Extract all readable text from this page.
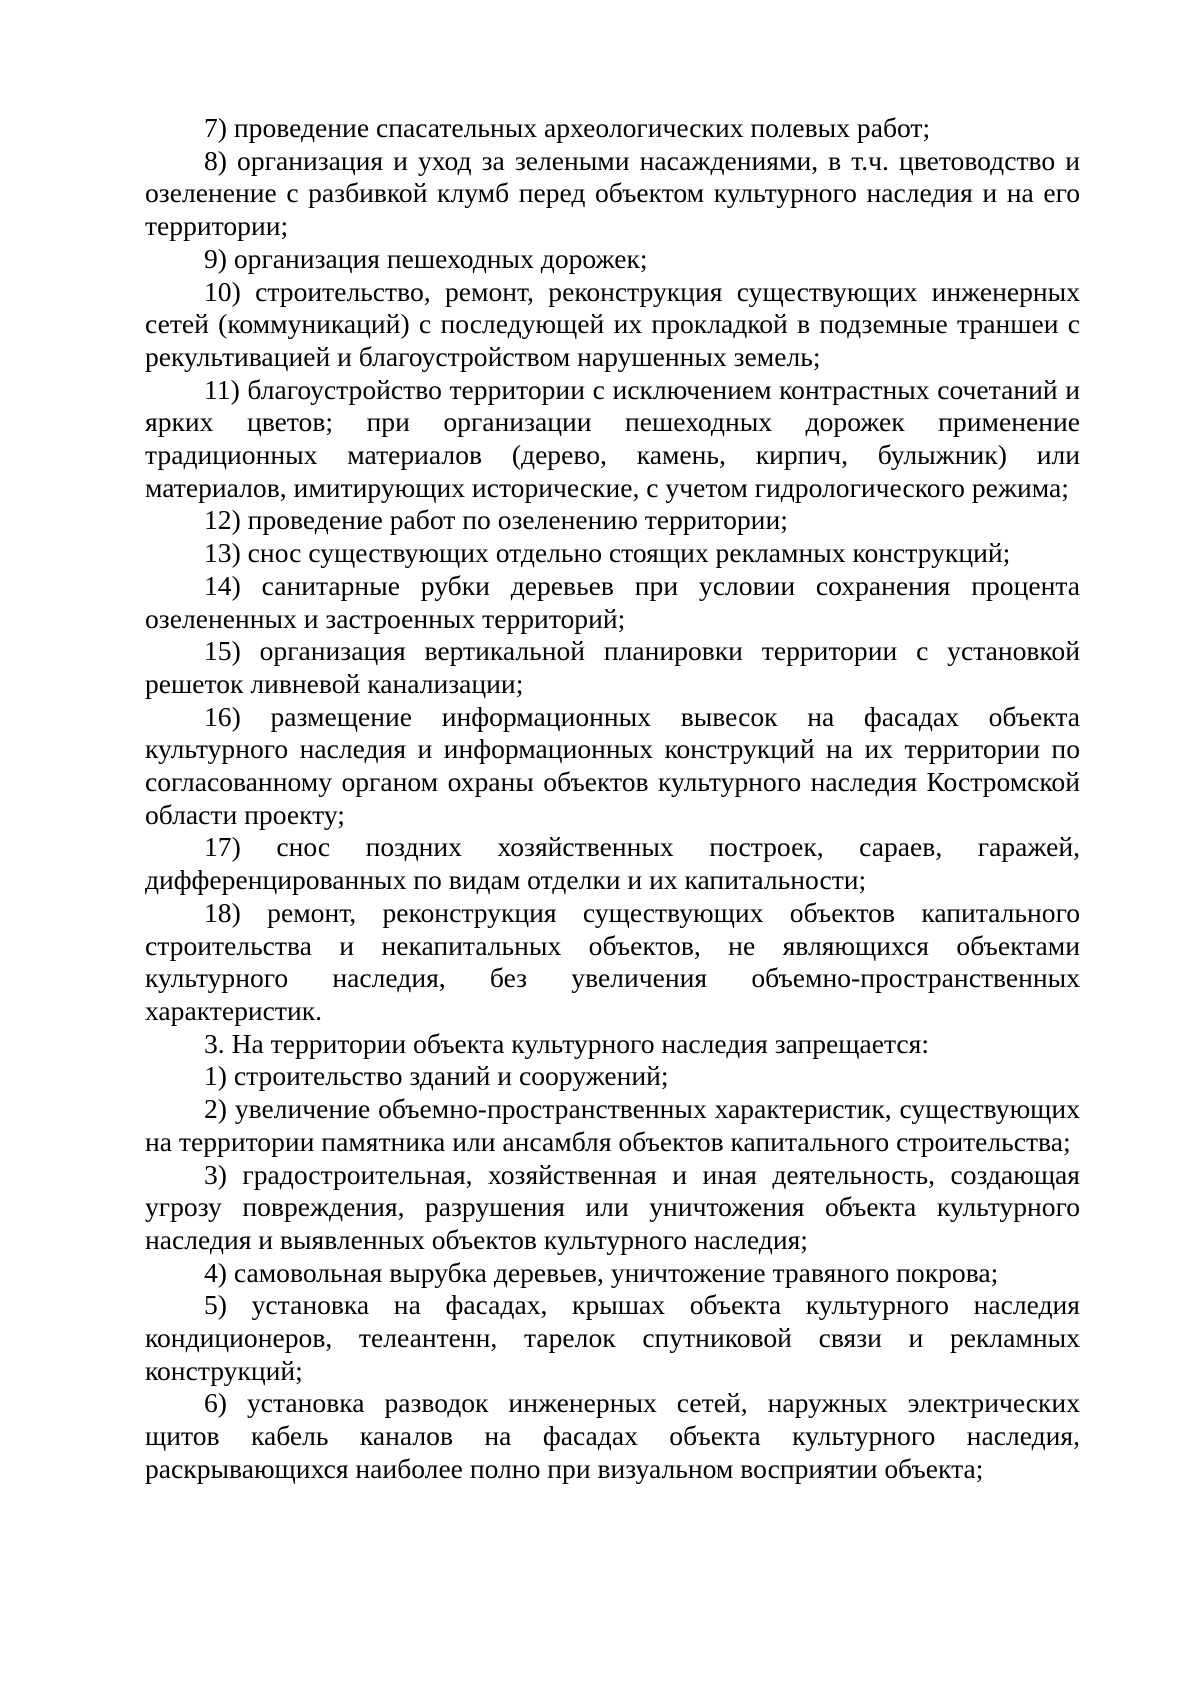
7) проведение спасательных археологических полевых работ;

8) организация и уход за зелеными насаждениями, в т.ч. цветоводство и озеленение с разбивкой клумб перед объектом культурного наследия и на его территории;

9) организация пешеходных дорожек;

10) строительство, ремонт, реконструкция существующих инженерных сетей (коммуникаций) с последующей их прокладкой в подземные траншеи с рекультивацией и благоустройством нарушенных земель;

11) благоустройство территории с исключением контрастных сочетаний и ярких цветов; при организации пешеходных дорожек применение традиционных материалов (дерево, камень, кирпич, булыжник) или материалов, имитирующих исторические, с учетом гидрологического режима;

12) проведение работ по озеленению территории;

13) снос существующих отдельно стоящих рекламных конструкций;

14) санитарные рубки деревьев при условии сохранения процента озелененных и застроенных территорий;

15) организация вертикальной планировки территории с установкой решеток ливневой канализации;

16) размещение информационных вывесок на фасадах объекта культурного наследия и информационных конструкций на их территории по согласованному органом охраны объектов культурного наследия Костромской области проекту;

17) снос поздних хозяйственных построек, сараев, гаражей, дифференцированных по видам отделки и их капитальности;

18) ремонт, реконструкция существующих объектов капитального строительства и некапитальных объектов, не являющихся объектами культурного наследия, без увеличения объемно-пространственных характеристик.

3. На территории объекта культурного наследия запрещается:

1) строительство зданий и сооружений;

2) увеличение объемно-пространственных характеристик, существующих на территории памятника или ансамбля объектов капитального строительства;

3) градостроительная, хозяйственная и иная деятельность, создающая угрозу повреждения, разрушения или уничтожения объекта культурного наследия и выявленных объектов культурного наследия;

4) самовольная вырубка деревьев, уничтожение травяного покрова;

5) установка на фасадах, крышах объекта культурного наследия кондиционеров, телеантенн, тарелок спутниковой связи и рекламных конструкций;

6) установка разводок инженерных сетей, наружных электрических щитов кабель каналов на фасадах объекта культурного наследия, раскрывающихся наиболее полно при визуальном восприятии объекта;
